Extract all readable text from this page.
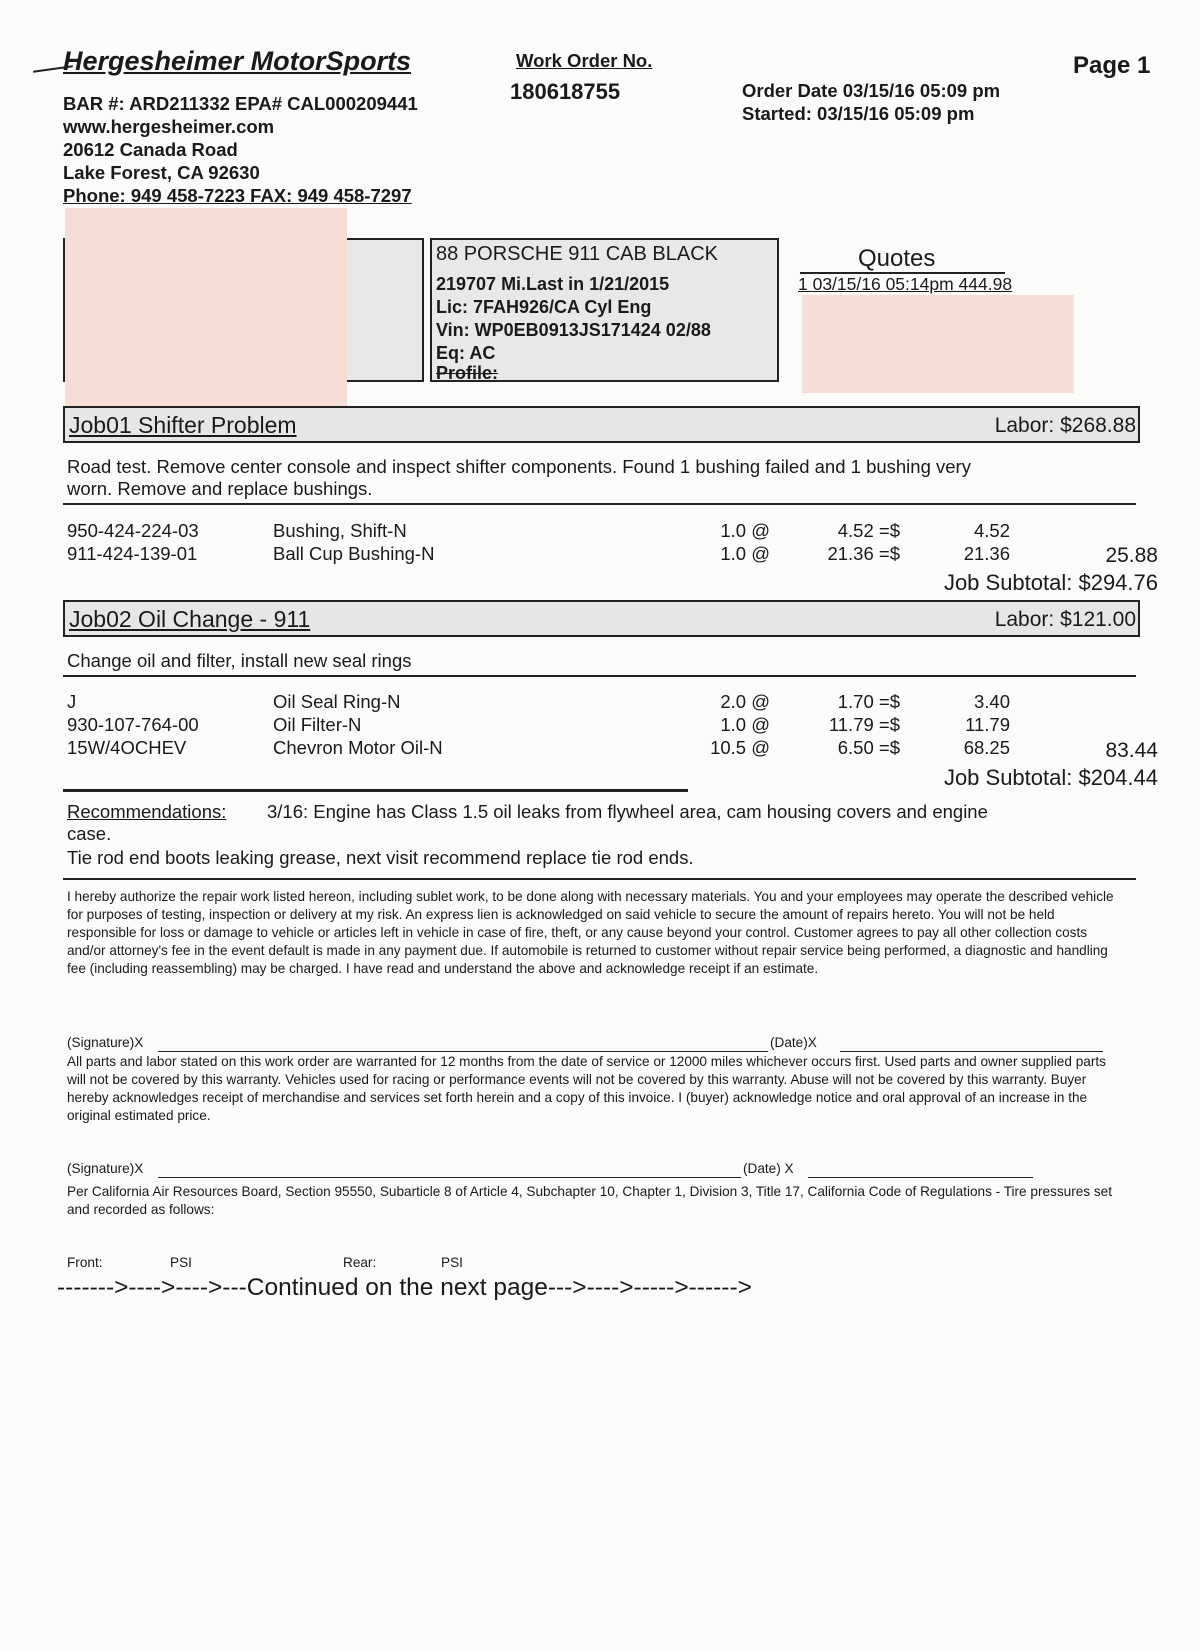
Hergesheimer MotorSports
BAR #: ARD211332 EPA# CAL000209441
www.hergesheimer.com
20612 Canada Road
Lake Forest, CA 92630
Phone: 949 458-7223 FAX: 949 458-7297
Work Order No.
180618755	Order Date 03/15/16 05:09 pm
Started: 03/15/16 05:09 pm
Page 1
88 PORSCHE 911 CAB BLACK
219707 Mi.Last in 1/21/2015
Lic: 7FAH926/CA Cyl Eng
Vin: WP0EB0913JS171424 02/88
Eq: AC
Profile:
Quotes
1 03/15/16 05:14pm 444.98
Job01 Shifter Problem	Labor: $268.88
Road test. Remove center console and inspect shifter components. Found 1 bushing failed and 1 bushing very
worn. Remove and replace bushings.
950-424-224-03	Bushing, Shift-N	1.0 @	4.52 =$	4.52
911-424-139-01	Ball Cup Bushing-N	1.0 @	21.36 =$	21.36	25.88
Job Subtotal: $294.76
Job02 Oil Change - 911	Labor: $121.00
Change oil and filter, install new seal rings
J	Oil Seal Ring-N	2.0 @	1.70 =$	3.40
930-107-764-00	Oil Filter-N	1.0 @	11.79 =$	11.79
15W/4OCHEV	Chevron Motor Oil-N	10.5 @	6.50 =$	68.25	83.44
Job Subtotal: $204.44
Recommendations: 3/16: Engine has Class 1.5 oil leaks from flywheel area, cam housing covers and engine
case.
Tie rod end boots leaking grease, next visit recommend replace tie rod ends.
I hereby authorize the repair work listed hereon, including sublet work, to be done along with necessary materials. You and your employees may operate the described vehicle for purposes of testing, inspection or delivery at my risk. An express lien is acknowledged on said vehicle to secure the amount of repairs hereto. You will not be held responsible for loss or damage to vehicle or articles left in vehicle in case of fire, theft, or any cause beyond your control. Customer agrees to pay all other collection costs and/or attorney's fee in the event default is made in any payment due. If automobile is returned to customer without repair service being performed, a diagnostic and handling fee (including reassembling) may be charged. I have read and understand the above and acknowledge receipt if an estimate.
(Signature)X	(Date)X
All parts and labor stated on this work order are warranted for 12 months from the date of service or 12000 miles whichever occurs first. Used parts and owner supplied parts will not be covered by this warranty. Vehicles used for racing or performance events will not be covered by this warranty. Abuse will not be covered by this warranty. Buyer hereby acknowledges receipt of merchandise and services set forth herein and a copy of this invoice. I (buyer) acknowledge notice and oral approval of an increase in the original estimated price.
(Signature)X	(Date) X
Per California Air Resources Board, Section 95550, Subarticle 8 of Article 4, Subchapter 10, Chapter 1, Division 3, Title 17, California Code of Regulations - Tire pressures set and recorded as follows:
Front:	PSI	Rear:	PSI
------->---->---->---Continued on the next page--->---->----->------>
